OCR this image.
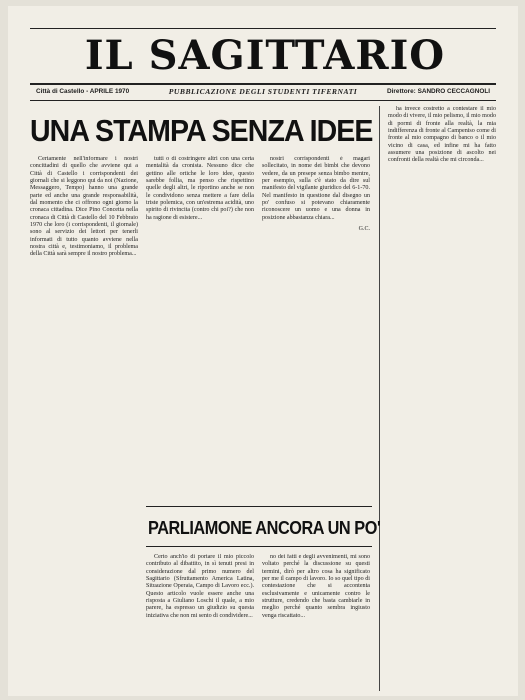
IL SAGITTARIO
Città di Castello - APRILE 1970	PUBBLICAZIONE DEGLI STUDENTI TIFERNATI	Direttore: SANDRO CECCAGNOLI
UNA STAMPA SENZA IDEE

Certamente nell'informare i nostri concittadini di quello che avviene qui a Città di Castello i corrispondenti dei giornali che si leggono qui da noi (Nazione, Messaggero, Tempo) hanno una grande parte ed anche una grande responsabilità, dal momento che ci offrono ogni giorno la cronaca cittadina. Dice Pino Concetta nella cronaca di Città di Castello del 10 Febbraio 1970 che loro (i corrispondenti, il giornale) sono al servizio dei lettori per tenerli informati di tutto quanto avviene nella nostra città e, testimoniamo, il problema della Città sarà sempre il nostro problema...

tutti o di costringere altri con una certa mentalità da cronista. Nessuno dice che gettino alle ortiche le loro idee, questo sarebbe follia, ma penso che rispettino quelle degli altri, le riportino anche se non le condividono senza mettere a fare della triste polemica, con un'estrema acidità, uno spirito di rivincita (contro chi poi?) che non ha ragione di esistere...

nostri corrispondenti è magari sollecitato, in nome dei bimbi che devono vedere, da un presepe senza bimbo mentre, per esempio, sulla c'è stato da dire sul manifesto del vigilante giuridico del 6-1-70. Nel manifesto in questione dal disegno un po' confuso si potevano chiaramente riconoscere un uomo e una donna in posizione abbastanza chiara...

G.C.

ha invece costretto a contestare il mio modo di vivere, il mio pelismo, il mio modo di pormi di fronte alla realtà, la mia indifferenza di fronte al Campeniso come di fronte al mio compagno di banco o il mio vicino di casa, ed infine mi ha fatto assumere una posizione di ascolto nei confronti della realtà che mi circonda...

PARLIAMONE ANCORA UN PO'

Certo anch'io di portare il mio piccolo contributo al dibattito, in sì tenuti presi in considerazione dal primo numero del Sagittario (Sfruttamento America Latina, Situazione Operaia, Campo di Lavoro ecc.). Questo articolo vuole essere anche una risposta a Giuliano Loschi il quale, a mio parere, ha espresso un giudizio su questa iniziativa che non mi sento di condividere...

no dei fatti e degli avvenimenti, mi sono voltato perché la discussione su questi termini, dirò per altro cosa ha significato per me il campo di lavoro. Io so quel tipo di contestazione che si accontenta esclusivamente e unicamente contro le strutture, credendo che basta cambiarle in meglio perché quanto sembra ingiusto venga riscattato...
